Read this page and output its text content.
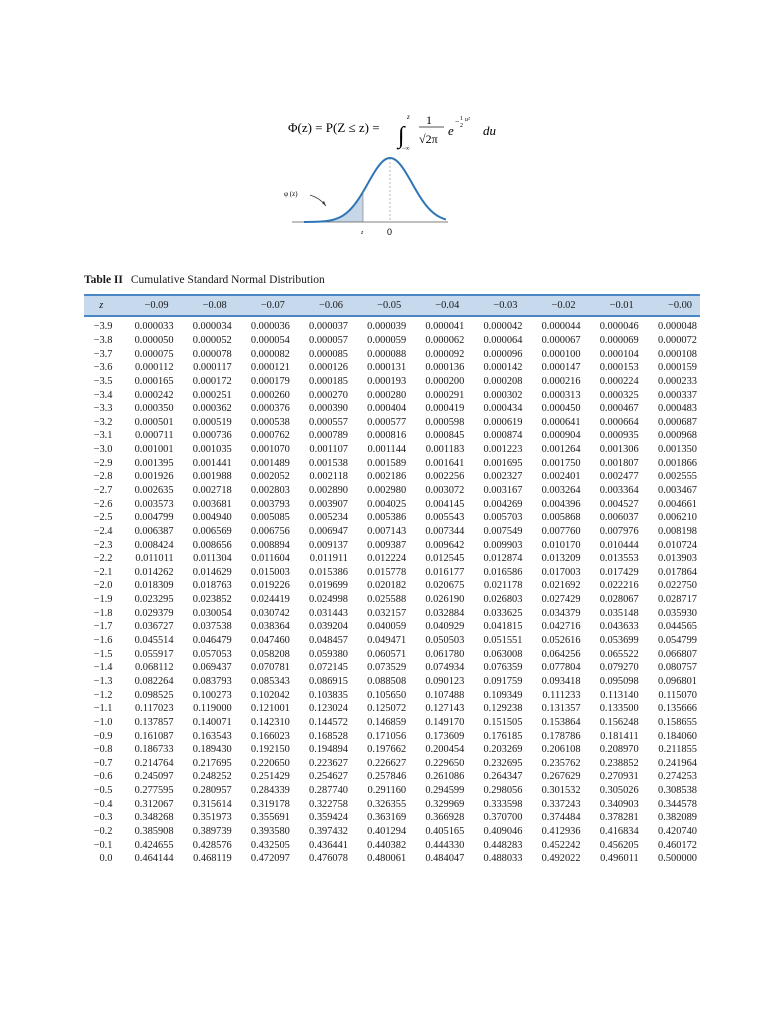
Φ(z) = P(Z ≤ z) = ∫
z
−∞
1
√2π
e
− 1
2
u²
du
φ (z)
z	0
Table II Cumulative Standard Normal Distribution
z	−0.09	−0.08	−0.07	−0.06	−0.05	−0.04	−0.03	−0.02	−0.01	−0.00
−3.9	0.000033	0.000034	0.000036	0.000037	0.000039	0.000041	0.000042	0.000044	0.000046	0.000048
−3.8	0.000050	0.000052	0.000054	0.000057	0.000059	0.000062	0.000064	0.000067	0.000069	0.000072
−3.7	0.000075	0.000078	0.000082	0.000085	0.000088	0.000092	0.000096	0.000100	0.000104	0.000108
−3.6	0.000112	0.000117	0.000121	0.000126	0.000131	0.000136	0.000142	0.000147	0.000153	0.000159
−3.5	0.000165	0.000172	0.000179	0.000185	0.000193	0.000200	0.000208	0.000216	0.000224	0.000233
−3.4	0.000242	0.000251	0.000260	0.000270	0.000280	0.000291	0.000302	0.000313	0.000325	0.000337
−3.3	0.000350	0.000362	0.000376	0.000390	0.000404	0.000419	0.000434	0.000450	0.000467	0.000483
−3.2	0.000501	0.000519	0.000538	0.000557	0.000577	0.000598	0.000619	0.000641	0.000664	0.000687
−3.1	0.000711	0.000736	0.000762	0.000789	0.000816	0.000845	0.000874	0.000904	0.000935	0.000968
−3.0	0.001001	0.001035	0.001070	0.001107	0.001144	0.001183	0.001223	0.001264	0.001306	0.001350
−2.9	0.001395	0.001441	0.001489	0.001538	0.001589	0.001641	0.001695	0.001750	0.001807	0.001866
−2.8	0.001926	0.001988	0.002052	0.002118	0.002186	0.002256	0.002327	0.002401	0.002477	0.002555
−2.7	0.002635	0.002718	0.002803	0.002890	0.002980	0.003072	0.003167	0.003264	0.003364	0.003467
−2.6	0.003573	0.003681	0.003793	0.003907	0.004025	0.004145	0.004269	0.004396	0.004527	0.004661
−2.5	0.004799	0.004940	0.005085	0.005234	0.005386	0.005543	0.005703	0.005868	0.006037	0.006210
−2.4	0.006387	0.006569	0.006756	0.006947	0.007143	0.007344	0.007549	0.007760	0.007976	0.008198
−2.3	0.008424	0.008656	0.008894	0.009137	0.009387	0.009642	0.009903	0.010170	0.010444	0.010724
−2.2	0.011011	0.011304	0.011604	0.011911	0.012224	0.012545	0.012874	0.013209	0.013553	0.013903
−2.1	0.014262	0.014629	0.015003	0.015386	0.015778	0.016177	0.016586	0.017003	0.017429	0.017864
−2.0	0.018309	0.018763	0.019226	0.019699	0.020182	0.020675	0.021178	0.021692	0.022216	0.022750
−1.9	0.023295	0.023852	0.024419	0.024998	0.025588	0.026190	0.026803	0.027429	0.028067	0.028717
−1.8	0.029379	0.030054	0.030742	0.031443	0.032157	0.032884	0.033625	0.034379	0.035148	0.035930
−1.7	0.036727	0.037538	0.038364	0.039204	0.040059	0.040929	0.041815	0.042716	0.043633	0.044565
−1.6	0.045514	0.046479	0.047460	0.048457	0.049471	0.050503	0.051551	0.052616	0.053699	0.054799
−1.5	0.055917	0.057053	0.058208	0.059380	0.060571	0.061780	0.063008	0.064256	0.065522	0.066807
−1.4	0.068112	0.069437	0.070781	0.072145	0.073529	0.074934	0.076359	0.077804	0.079270	0.080757
−1.3	0.082264	0.083793	0.085343	0.086915	0.088508	0.090123	0.091759	0.093418	0.095098	0.096801
−1.2	0.098525	0.100273	0.102042	0.103835	0.105650	0.107488	0.109349	0.111233	0.113140	0.115070
−1.1	0.117023	0.119000	0.121001	0.123024	0.125072	0.127143	0.129238	0.131357	0.133500	0.135666
−1.0	0.137857	0.140071	0.142310	0.144572	0.146859	0.149170	0.151505	0.153864	0.156248	0.158655
−0.9	0.161087	0.163543	0.166023	0.168528	0.171056	0.173609	0.176185	0.178786	0.181411	0.184060
−0.8	0.186733	0.189430	0.192150	0.194894	0.197662	0.200454	0.203269	0.206108	0.208970	0.211855
−0.7	0.214764	0.217695	0.220650	0.223627	0.226627	0.229650	0.232695	0.235762	0.238852	0.241964
−0.6	0.245097	0.248252	0.251429	0.254627	0.257846	0.261086	0.264347	0.267629	0.270931	0.274253
−0.5	0.277595	0.280957	0.284339	0.287740	0.291160	0.294599	0.298056	0.301532	0.305026	0.308538
−0.4	0.312067	0.315614	0.319178	0.322758	0.326355	0.329969	0.333598	0.337243	0.340903	0.344578
−0.3	0.348268	0.351973	0.355691	0.359424	0.363169	0.366928	0.370700	0.374484	0.378281	0.382089
−0.2	0.385908	0.389739	0.393580	0.397432	0.401294	0.405165	0.409046	0.412936	0.416834	0.420740
−0.1	0.424655	0.428576	0.432505	0.436441	0.440382	0.444330	0.448283	0.452242	0.456205	0.460172
0.0	0.464144	0.468119	0.472097	0.476078	0.480061	0.484047	0.488033	0.492022	0.496011	0.500000
